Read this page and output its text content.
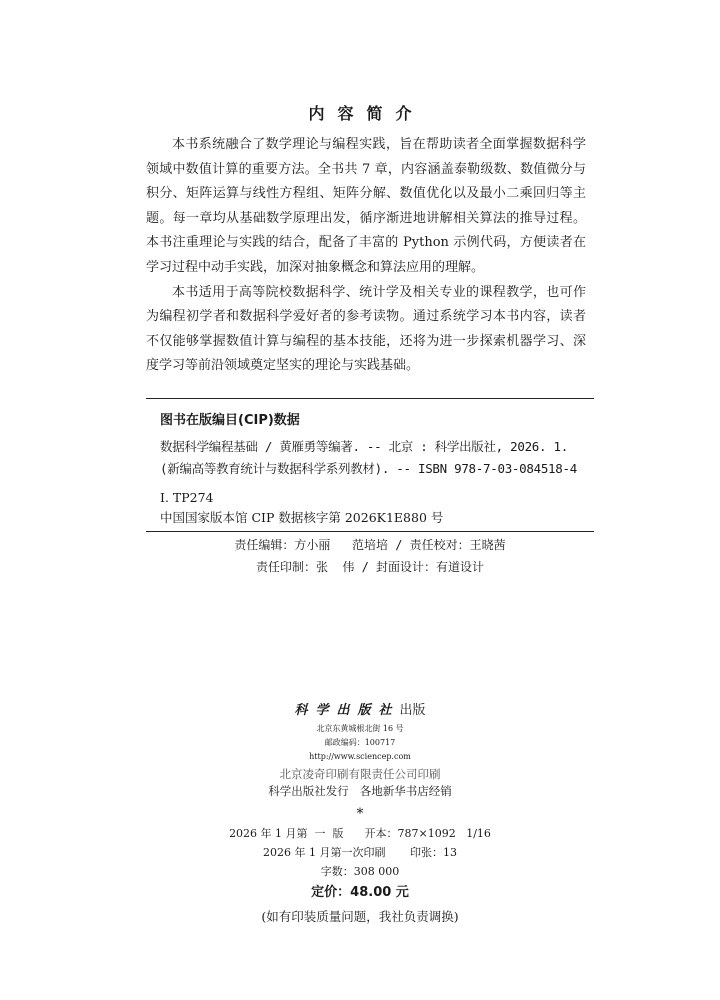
内容简介

本书系统融合了数学理论与编程实践，旨在帮助读者全面掌握数据科学领域中数值计算的重要方法。全书共 7 章，内容涵盖泰勒级数、数值微分与积分、矩阵运算与线性方程组、矩阵分解、数值优化以及最小二乘回归等主题。每一章均从基础数学原理出发，循序渐进地讲解相关算法的推导过程。本书注重理论与实践的结合，配备了丰富的 Python 示例代码，方便读者在学习过程中动手实践，加深对抽象概念和算法应用的理解。

本书适用于高等院校数据科学、统计学及相关专业的课程教学，也可作为编程初学者和数据科学爱好者的参考读物。通过系统学习本书内容，读者不仅能够掌握数值计算与编程的基本技能，还将为进一步探索机器学习、深度学习等前沿领域奠定坚实的理论与实践基础。

图书在版编目(CIP)数据
数据科学编程基础 / 黄雁勇等编著. -- 北京 : 科学出版社, 2026. 1.
(新编高等教育统计与数据科学系列教材). -- ISBN 978-7-03-084518-4
Ⅰ. TP274
中国国家版本馆 CIP 数据核字第 2026K1E880 号
责任编辑：方小丽   范培培 / 责任校对：王晓茜
责任印制：张  伟 / 封面设计：有道设计
科学出版社出版
北京东黄城根北街 16 号
邮政编码：100717
http://www.sciencep.com
北京凌奇印刷有限责任公司印刷
科学出版社发行   各地新华书店经销
*
2026 年 1 月第  一  版      开本：787×1092   1/16
2026 年 1 月第一次印刷       印张：13
字数：308 000
定价：48.00 元
(如有印装质量问题，我社负责调换)
